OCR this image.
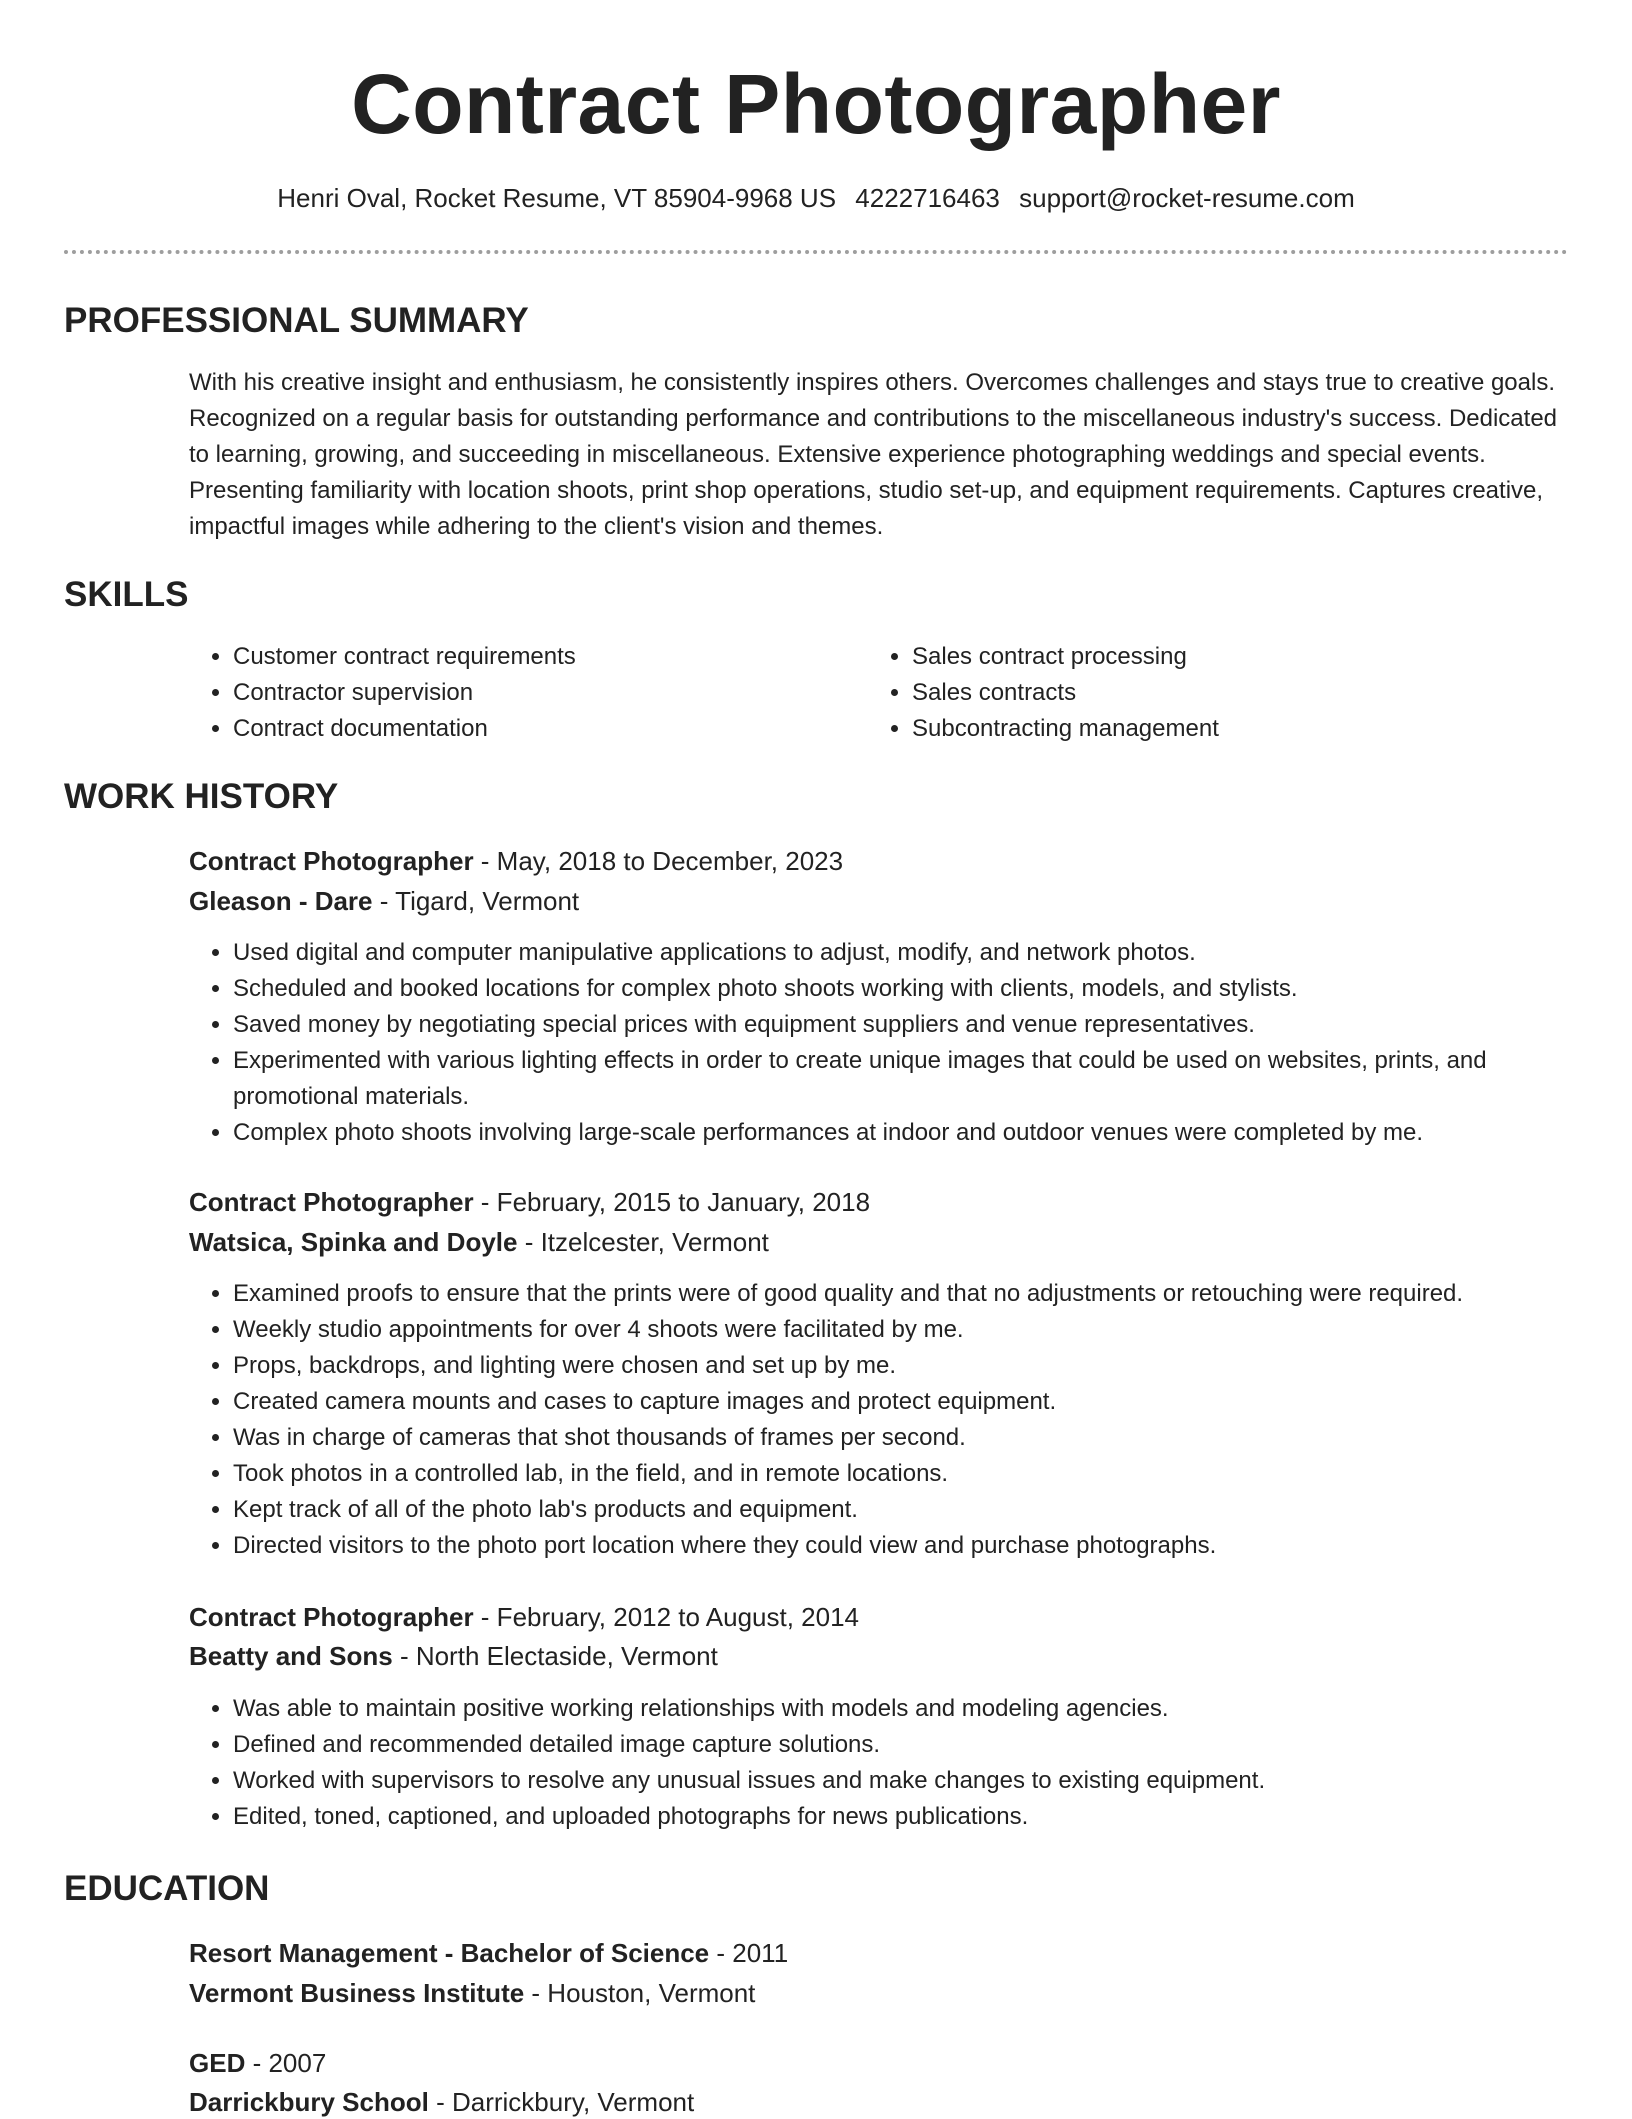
Contract Photographer
Henri Oval, Rocket Resume, VT 85904-9968 US 4222716463 support@rocket-resume.com
PROFESSIONAL SUMMARY
With his creative insight and enthusiasm, he consistently inspires others. Overcomes challenges and stays true to creative goals. Recognized on a regular basis for outstanding performance and contributions to the miscellaneous industry's success. Dedicated to learning, growing, and succeeding in miscellaneous. Extensive experience photographing weddings and special events. Presenting familiarity with location shoots, print shop operations, studio set-up, and equipment requirements. Captures creative, impactful images while adhering to the client's vision and themes.
SKILLS
• Customer contract requirements
• Contractor supervision
• Contract documentation
• Sales contract processing
• Sales contracts
• Subcontracting management
WORK HISTORY
Contract Photographer - May, 2018 to December, 2023
Gleason - Dare - Tigard, Vermont
• Used digital and computer manipulative applications to adjust, modify, and network photos.
• Scheduled and booked locations for complex photo shoots working with clients, models, and stylists.
• Saved money by negotiating special prices with equipment suppliers and venue representatives.
• Experimented with various lighting effects in order to create unique images that could be used on websites, prints, and promotional materials.
• Complex photo shoots involving large-scale performances at indoor and outdoor venues were completed by me.
Contract Photographer - February, 2015 to January, 2018
Watsica, Spinka and Doyle - Itzelcester, Vermont
• Examined proofs to ensure that the prints were of good quality and that no adjustments or retouching were required.
• Weekly studio appointments for over 4 shoots were facilitated by me.
• Props, backdrops, and lighting were chosen and set up by me.
• Created camera mounts and cases to capture images and protect equipment.
• Was in charge of cameras that shot thousands of frames per second.
• Took photos in a controlled lab, in the field, and in remote locations.
• Kept track of all of the photo lab's products and equipment.
• Directed visitors to the photo port location where they could view and purchase photographs.
Contract Photographer - February, 2012 to August, 2014
Beatty and Sons - North Electaside, Vermont
• Was able to maintain positive working relationships with models and modeling agencies.
• Defined and recommended detailed image capture solutions.
• Worked with supervisors to resolve any unusual issues and make changes to existing equipment.
• Edited, toned, captioned, and uploaded photographs for news publications.
EDUCATION
Resort Management - Bachelor of Science - 2011
Vermont Business Institute - Houston, Vermont
GED - 2007
Darrickbury School - Darrickbury, Vermont
